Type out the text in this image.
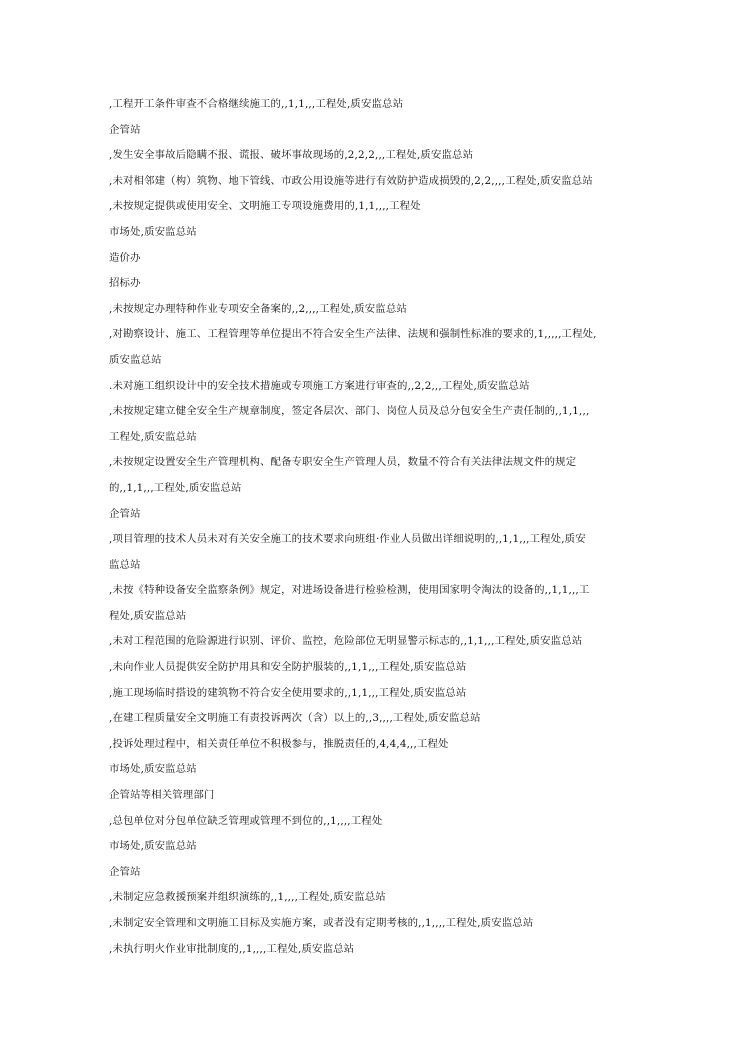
,工程开工条件审查不合格继续施工的,,1,1,,,工程处,质安监总站
企管站
,发生安全事故后隐瞒不报、谎报、破坏事故现场的,2,2,2,,,工程处,质安监总站
,未对相邻建（构）筑物、地下管线、市政公用设施等进行有效防护造成损毁的,2,2,,,,工程处,质安监总站
,未按规定提供或使用安全、文明施工专项设施费用的,1,1,,,,工程处
市场处,质安监总站
造价办
招标办
,未按规定办理特种作业专项安全备案的,,2,,,,工程处,质安监总站
,对勘察设计、施工、工程管理等单位提出不符合安全生产法律、法规和强制性标准的要求的,1,,,,,工程处,
质安监总站
.未对施工组织设计中的安全技术措施或专项施工方案进行审查的,,2,2,,,工程处,质安监总站
,未按规定建立健全安全生产规章制度，签定各层次、部门、岗位人员及总分包安全生产责任制的,,1,1,,,
工程处,质安监总站
,未按规定设置安全生产管理机构、配备专职安全生产管理人员，数量不符合有关法律法规文件的规定
的,,1,1,,,工程处,质安监总站
企管站
,项目管理的技术人员未对有关安全施工的技术要求向班组·作业人员做出详细说明的,,1,1,,,工程处,质安
监总站
,未按《特种设备安全监察条例》规定，对进场设备进行检验检测，使用国家明令淘汰的设备的,,1,1,,,工
程处,质安监总站
,未对工程范围的危险源进行识别、评价、监控，危险部位无明显警示标志的,,1,1,,,工程处,质安监总站
,未向作业人员提供安全防护用具和安全防护服装的,,1,1,,,工程处,质安监总站
,施工现场临时搭设的建筑物不符合安全使用要求的,,1,1,,,工程处,质安监总站
,在建工程质量安全文明施工有责投诉两次（含）以上的,,3,,,,工程处,质安监总站
,投诉处理过程中，相关责任单位不积极参与，推脱责任的,4,4,4,,,工程处
市场处,质安监总站
企管站等相关管理部门
,总包单位对分包单位缺乏管理或管理不到位的,,1,,,,工程处
市场处,质安监总站
企管站
,未制定应急救援预案并组织演练的,,1,,,,工程处,质安监总站
,未制定安全管理和文明施工目标及实施方案，或者没有定期考核的,,1,,,,工程处,质安监总站
,未执行明火作业审批制度的,,1,,,,工程处,质安监总站
